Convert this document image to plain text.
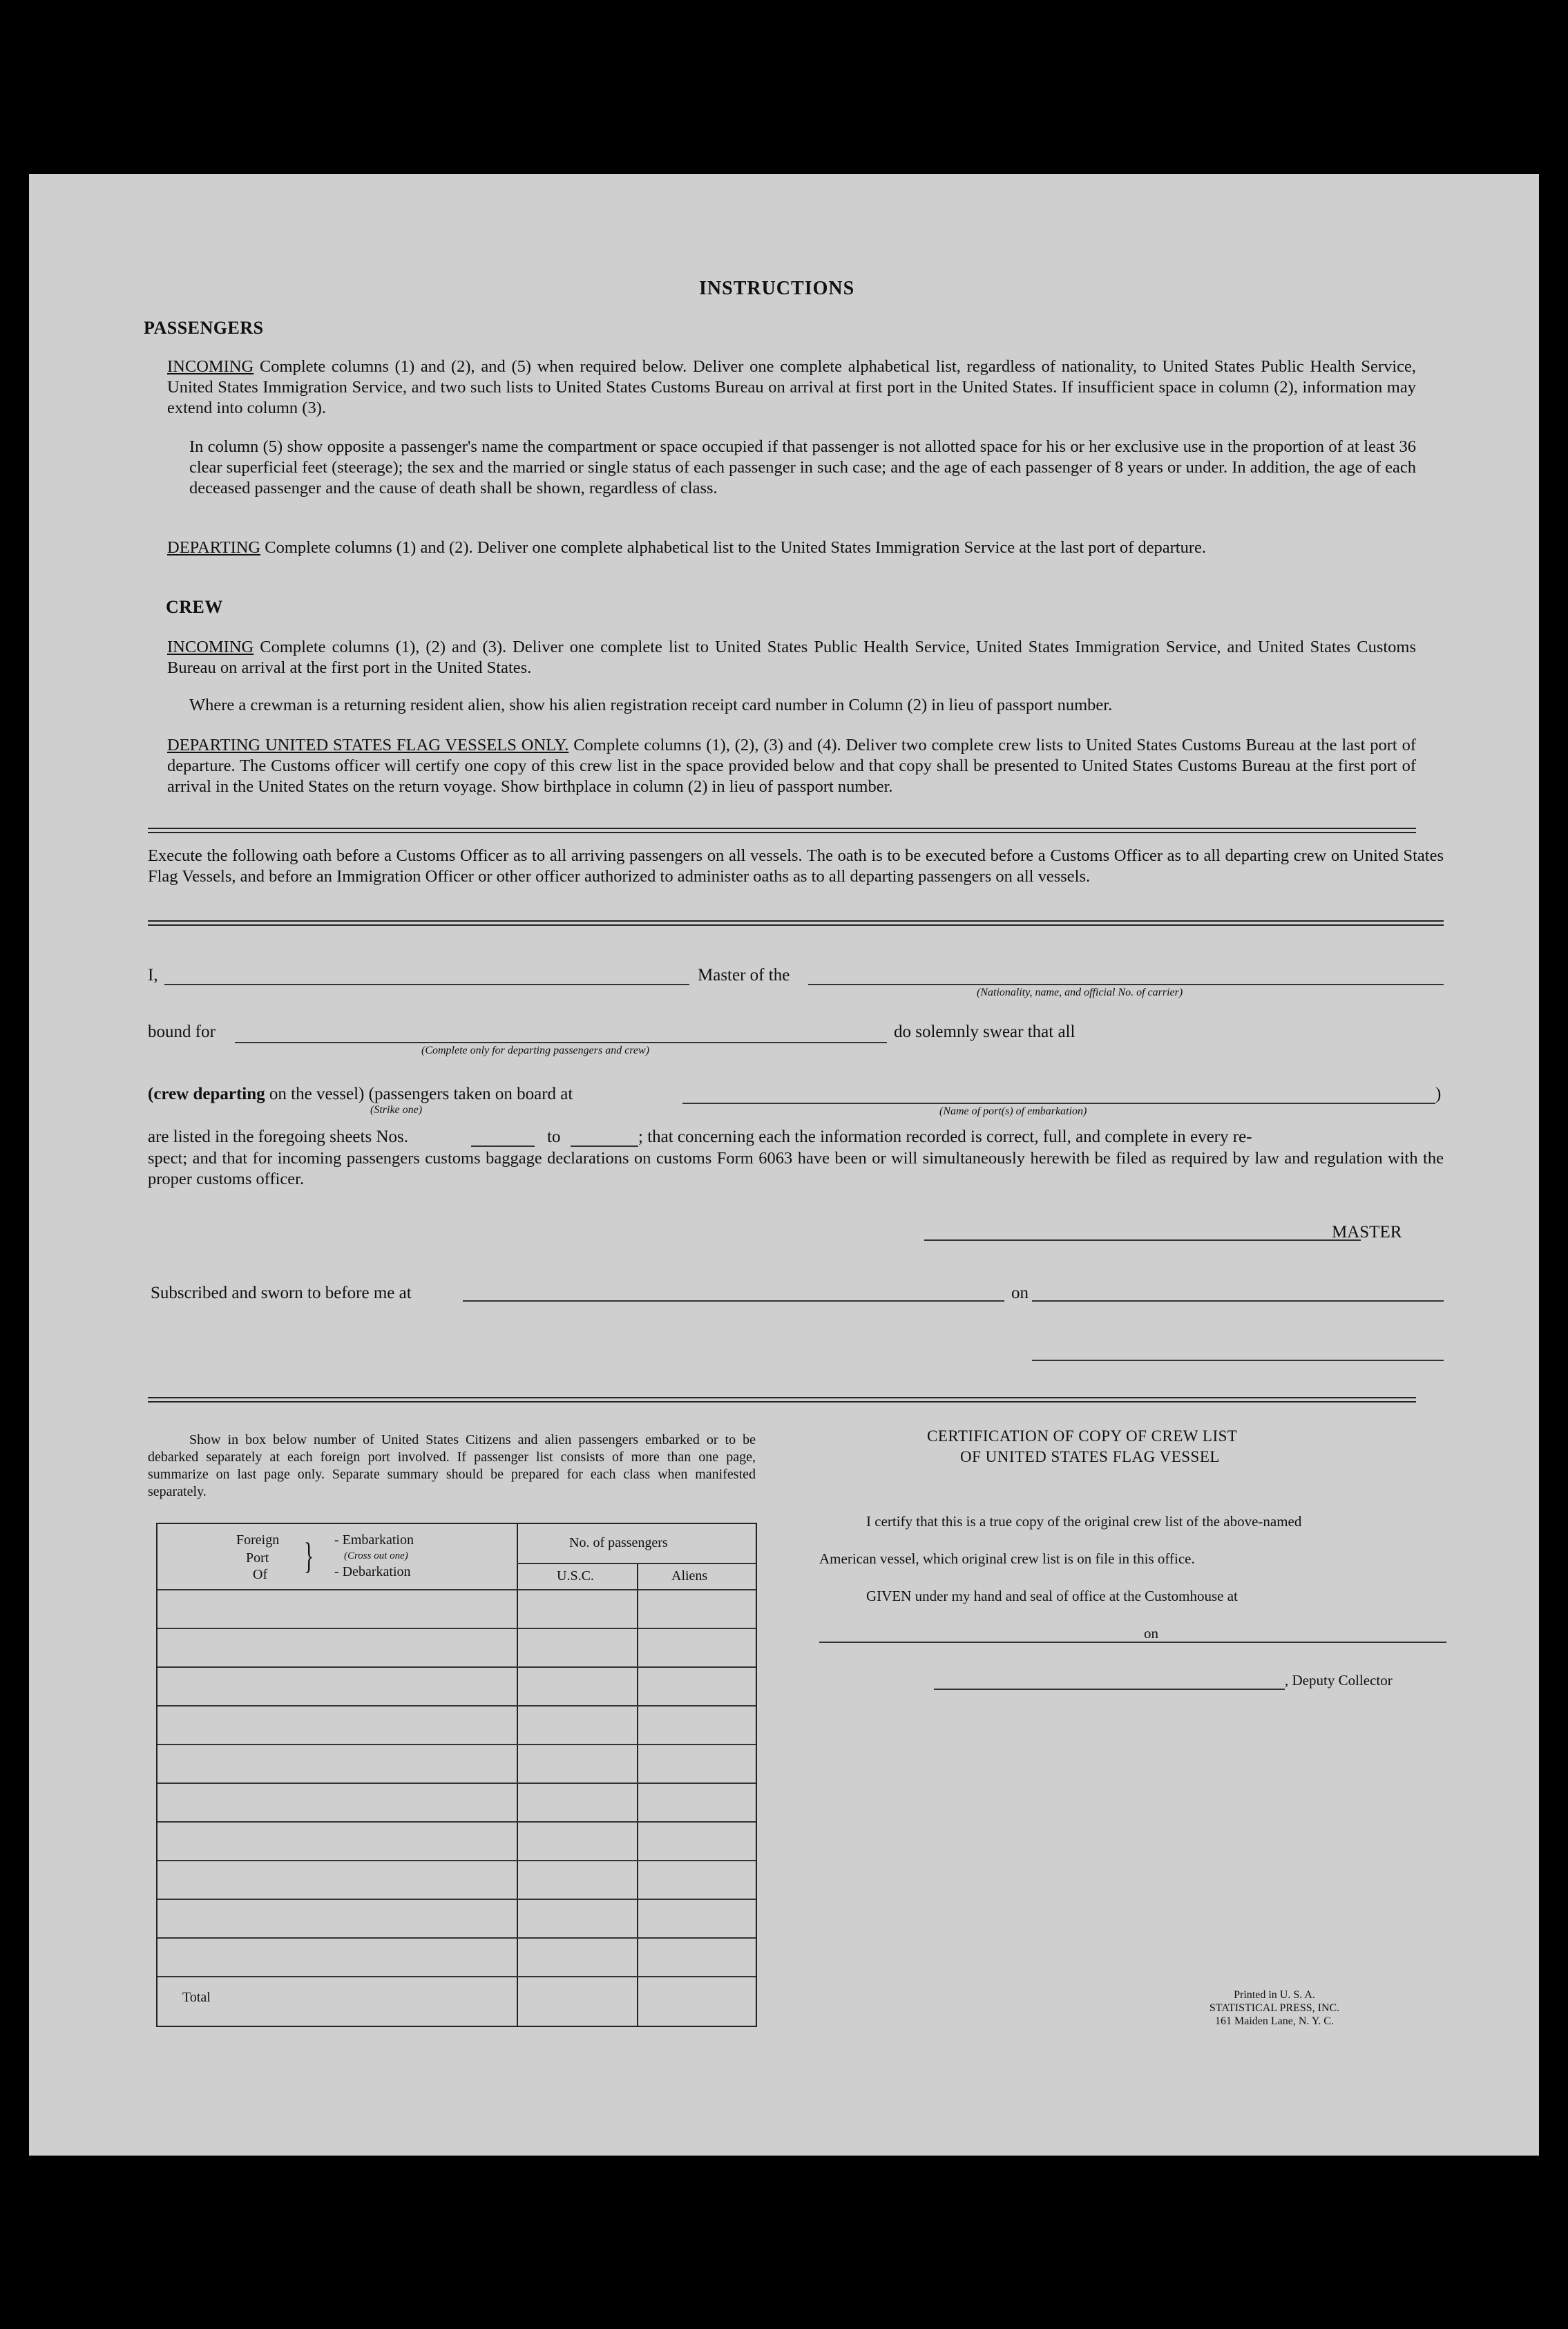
INSTRUCTIONS
PASSENGERS
INCOMING Complete columns (1) and (2), and (5) when required below. Deliver one complete alphabetical list, regardless of nationality, to United States Public Health Service, United States Immigration Service, and two such lists to United States Customs Bureau on arrival at first port in the United States. If insufficient space in column (2), information may extend into column (3).
In column (5) show opposite a passenger's name the compartment or space occupied if that passenger is not allotted space for his or her exclusive use in the proportion of at least 36 clear superficial feet (steerage); the sex and the married or single status of each passenger in such case; and the age of each passenger of 8 years or under. In addition, the age of each deceased passenger and the cause of death shall be shown, regardless of class.
DEPARTING Complete columns (1) and (2). Deliver one complete alphabetical list to the United States Immigration Service at the last port of departure.
CREW
INCOMING Complete columns (1), (2) and (3). Deliver one complete list to United States Public Health Service, United States Immigration Service, and United States Customs Bureau on arrival at the first port in the United States.
Where a crewman is a returning resident alien, show his alien registration receipt card number in Column (2) in lieu of passport number.
DEPARTING UNITED STATES FLAG VESSELS ONLY. Complete columns (1), (2), (3) and (4). Deliver two complete crew lists to United States Customs Bureau at the last port of departure. The Customs officer will certify one copy of this crew list in the space provided below and that copy shall be presented to United States Customs Bureau at the first port of arrival in the United States on the return voyage. Show birthplace in column (2) in lieu of passport number.
Execute the following oath before a Customs Officer as to all arriving passengers on all vessels. The oath is to be executed before a Customs Officer as to all departing crew on United States Flag Vessels, and before an Immigration Officer or other officer authorized to administer oaths as to all departing passengers on all vessels.
I,	Master of the
(Nationality, name, and official No. of carrier)
bound for
(Complete only for departing passengers and crew)
do solemnly swear that all
(crew departing on the vessel) (passengers taken on board at
(Strike one)
)
(Name of port(s) of embarkation)
are listed in the foregoing sheets Nos.	to	; that concerning each the information recorded is correct, full, and complete in every re-
spect; and that for incoming passengers customs baggage declarations on customs Form 6063 have been or will simultaneously herewith be filed as required by law and regulation with the proper customs officer.
MASTER
Subscribed and sworn to before me at	on
Show in box below number of United States Citizens and alien passengers embarked or to be debarked separately at each foreign port involved. If passenger list consists of more than one page, summarize on last page only. Separate summary should be prepared for each class when manifested separately.
Foreign
Port
Of } - Embarkation
(Cross out one)
- Debarkation
No. of passengers
U.S.C.	Aliens
Total
CERTIFICATION OF COPY OF CREW LIST
OF UNITED STATES FLAG VESSEL
I certify that this is a true copy of the original crew list of the above-named
American vessel, which original crew list is on file in this office.
GIVEN under my hand and seal of office at the Customhouse at
on
, Deputy Collector
Printed in U. S. A.
STATISTICAL PRESS, INC.
161 Maiden Lane, N. Y. C.
